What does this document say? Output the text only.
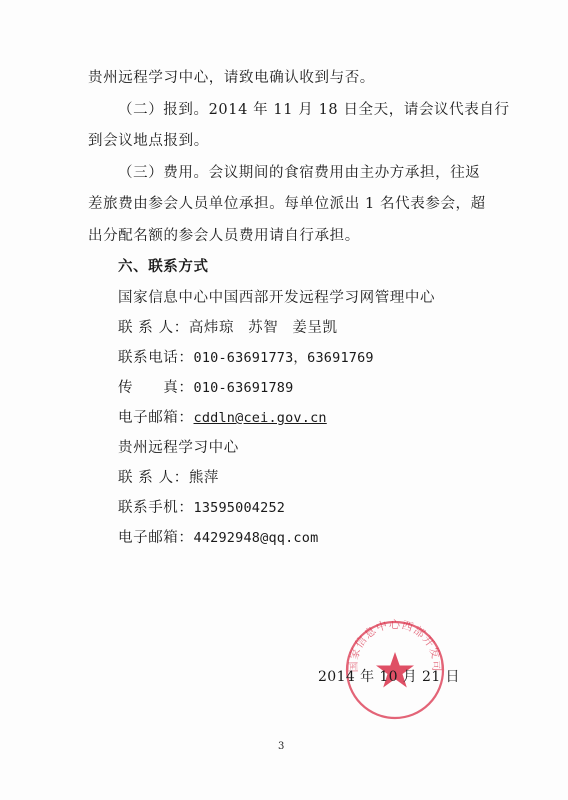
贵州远程学习中心，请致电确认收到与否。
（二）报到。2014 年 11 月 18 日全天，请会议代表自行
到会议地点报到。
（三）费用。会议期间的食宿费用由主办方承担，往返
差旅费由参会人员单位承担。每单位派出 1 名代表参会，超
出分配名额的参会人员费用请自行承担。
六、联系方式
国家信息中心中国西部开发远程学习网管理中心
联 系 人：高炜琼 苏智 姜呈凯
联系电话：010-63691773，63691769
传　　真：010-63691789
电子邮箱：cddln@cei.gov.cn
贵州远程学习中心
联 系 人：熊萍
联系手机：13595004252
电子邮箱：44292948@qq.com
国家信息中心西部开发司
2014 年 10 月 21 日
3
